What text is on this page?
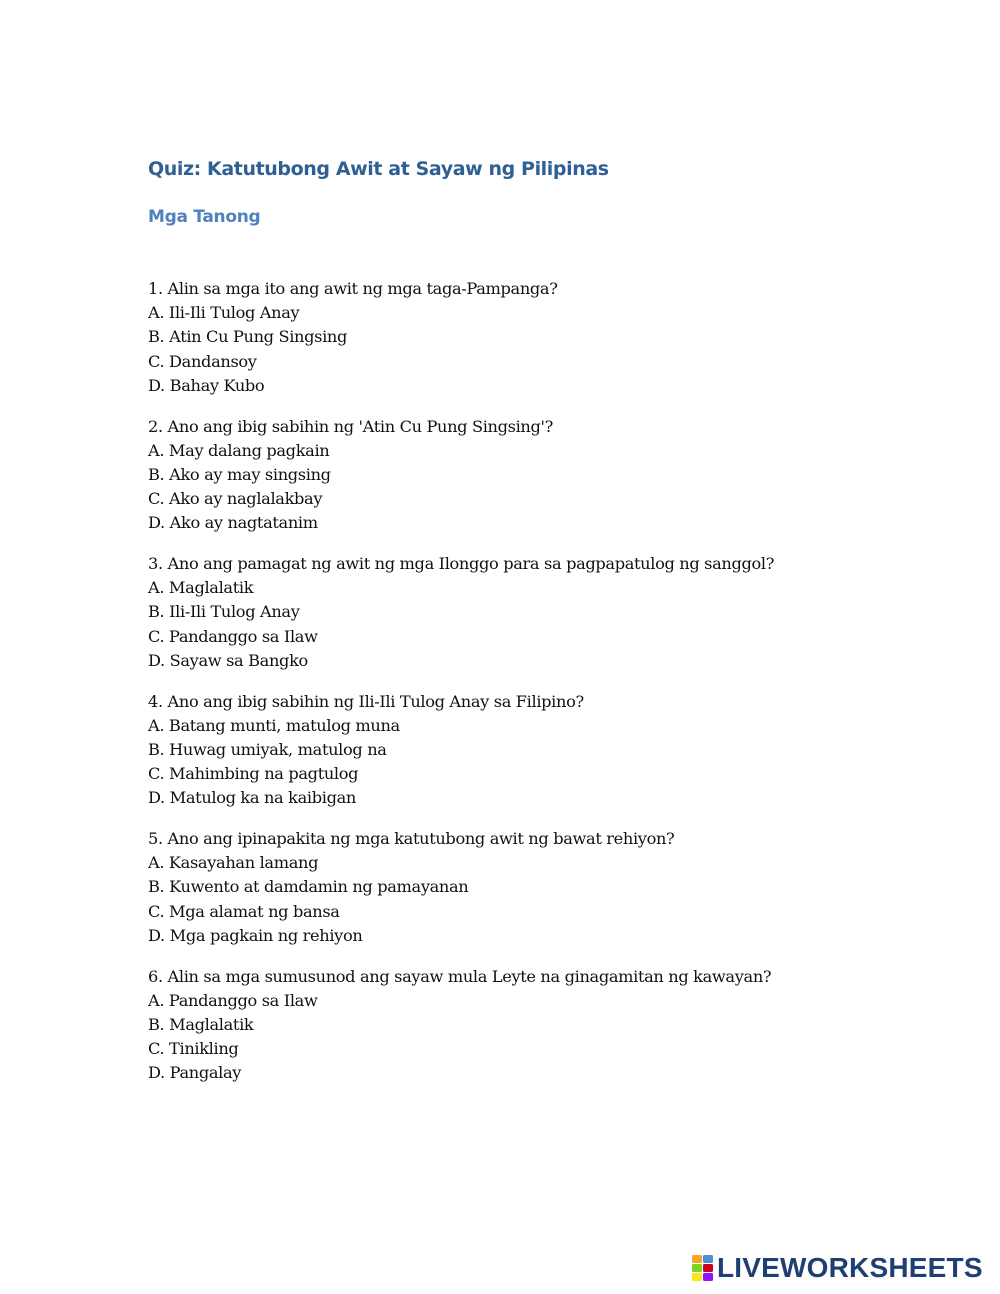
Quiz: Katutubong Awit at Sayaw ng Pilipinas
Mga Tanong
1. Alin sa mga ito ang awit ng mga taga-Pampanga?
A. Ili-Ili Tulog Anay
B. Atin Cu Pung Singsing
C. Dandansoy
D. Bahay Kubo
2. Ano ang ibig sabihin ng 'Atin Cu Pung Singsing'?
A. May dalang pagkain
B. Ako ay may singsing
C. Ako ay naglalakbay
D. Ako ay nagtatanim
3. Ano ang pamagat ng awit ng mga Ilonggo para sa pagpapatulog ng sanggol?
A. Maglalatik
B. Ili-Ili Tulog Anay
C. Pandanggo sa Ilaw
D. Sayaw sa Bangko
4. Ano ang ibig sabihin ng Ili-Ili Tulog Anay sa Filipino?
A. Batang munti, matulog muna
B. Huwag umiyak, matulog na
C. Mahimbing na pagtulog
D. Matulog ka na kaibigan
5. Ano ang ipinapakita ng mga katutubong awit ng bawat rehiyon?
A. Kasayahan lamang
B. Kuwento at damdamin ng pamayanan
C. Mga alamat ng bansa
D. Mga pagkain ng rehiyon
6. Alin sa mga sumusunod ang sayaw mula Leyte na ginagamitan ng kawayan?
A. Pandanggo sa Ilaw
B. Maglalatik
C. Tinikling
D. Pangalay
LIVEWORKSHEETS
